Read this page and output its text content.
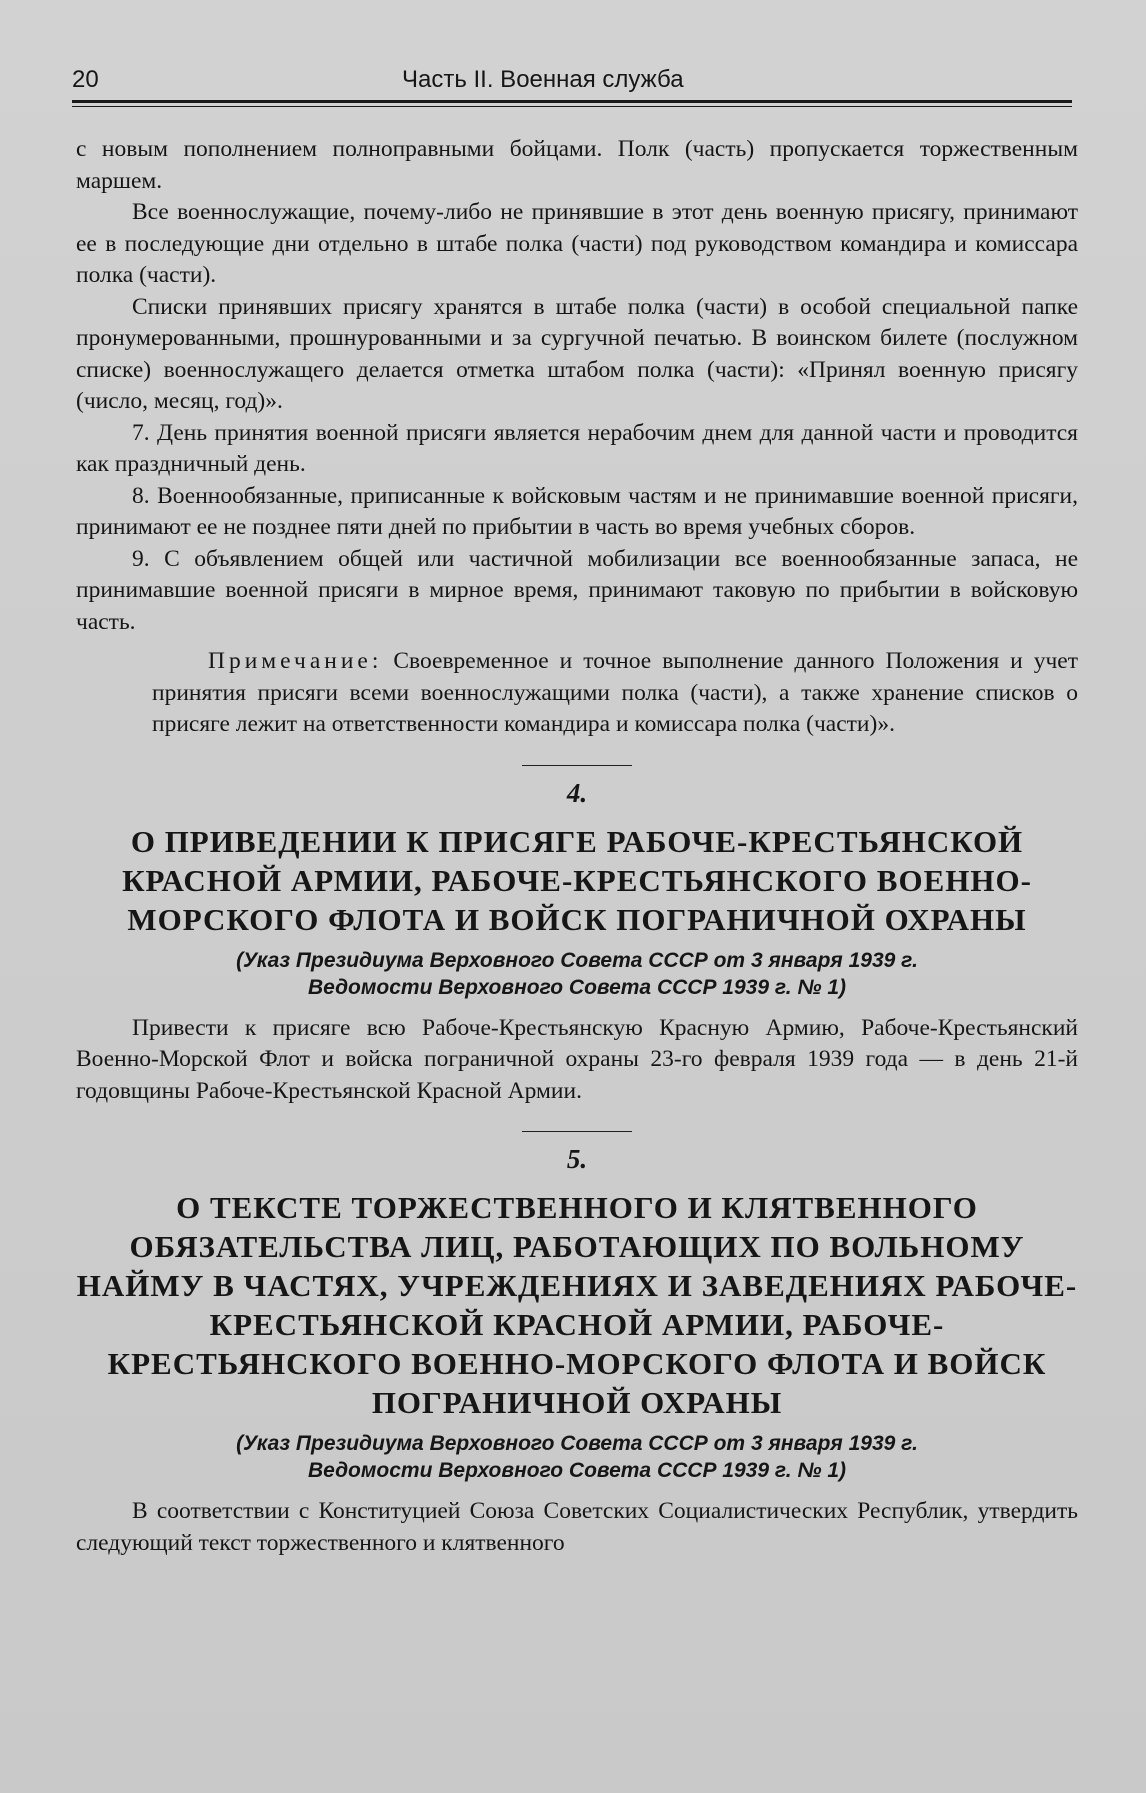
20	Часть II. Военная служба

с новым пополнением полноправными бойцами. Полк (часть) пропускается торжественным маршем.

Все военнослужащие, почему-либо не принявшие в этот день военную присягу, принимают ее в последующие дни отдельно в штабе полка (части) под руководством командира и комиссара полка (части).

Списки принявших присягу хранятся в штабе полка (части) в особой специальной папке пронумерованными, прошнурованными и за сургучной печатью. В воинском билете (послужном списке) военнослужащего делается отметка штабом полка (части): «Принял военную присягу (число, месяц, год)».

7. День принятия военной присяги является нерабочим днем для данной части и проводится как праздничный день.

8. Военнообязанные, приписанные к войсковым частям и не принимавшие военной присяги, принимают ее не позднее пяти дней по прибытии в часть во время учебных сборов.

9. С объявлением общей или частичной мобилизации все военнообязанные запаса, не принимавшие военной присяги в мирное время, принимают таковую по прибытии в войсковую часть.

Примечание: Своевременное и точное выполнение данного Положения и учет принятия присяги всеми военнослужащими полка (части), а также хранение списков о присяге лежит на ответственности командира и комиссара полка (части)».

4.
О ПРИВЕДЕНИИ К ПРИСЯГЕ РАБОЧЕ-КРЕСТЬЯНСКОЙ КРАСНОЙ АРМИИ, РАБОЧЕ-КРЕСТЬЯНСКОГО ВОЕННО-МОРСКОГО ФЛОТА И ВОЙСК ПОГРАНИЧНОЙ ОХРАНЫ
(Указ Президиума Верховного Совета СССР от 3 января 1939 г.
Ведомости Верховного Совета СССР 1939 г. № 1)

Привести к присяге всю Рабоче-Крестьянскую Красную Армию, Рабоче-Крестьянский Военно-Морской Флот и войска пограничной охраны 23-го февраля 1939 года — в день 21-й годовщины Рабоче-Крестьянской Красной Армии.

5.
О ТЕКСТЕ ТОРЖЕСТВЕННОГО И КЛЯТВЕННОГО ОБЯЗАТЕЛЬСТВА ЛИЦ, РАБОТАЮЩИХ ПО ВОЛЬНОМУ НАЙМУ В ЧАСТЯХ, УЧРЕЖДЕНИЯХ И ЗАВЕДЕНИЯХ РАБОЧЕ-КРЕСТЬЯНСКОЙ КРАСНОЙ АРМИИ, РАБОЧЕ-КРЕСТЬЯНСКОГО ВОЕННО-МОРСКОГО ФЛОТА И ВОЙСК ПОГРАНИЧНОЙ ОХРАНЫ
(Указ Президиума Верховного Совета СССР от 3 января 1939 г.
Ведомости Верховного Совета СССР 1939 г. № 1)

В соответствии с Конституцией Союза Советских Социалистических Республик, утвердить следующий текст торжественного и клятвенного
